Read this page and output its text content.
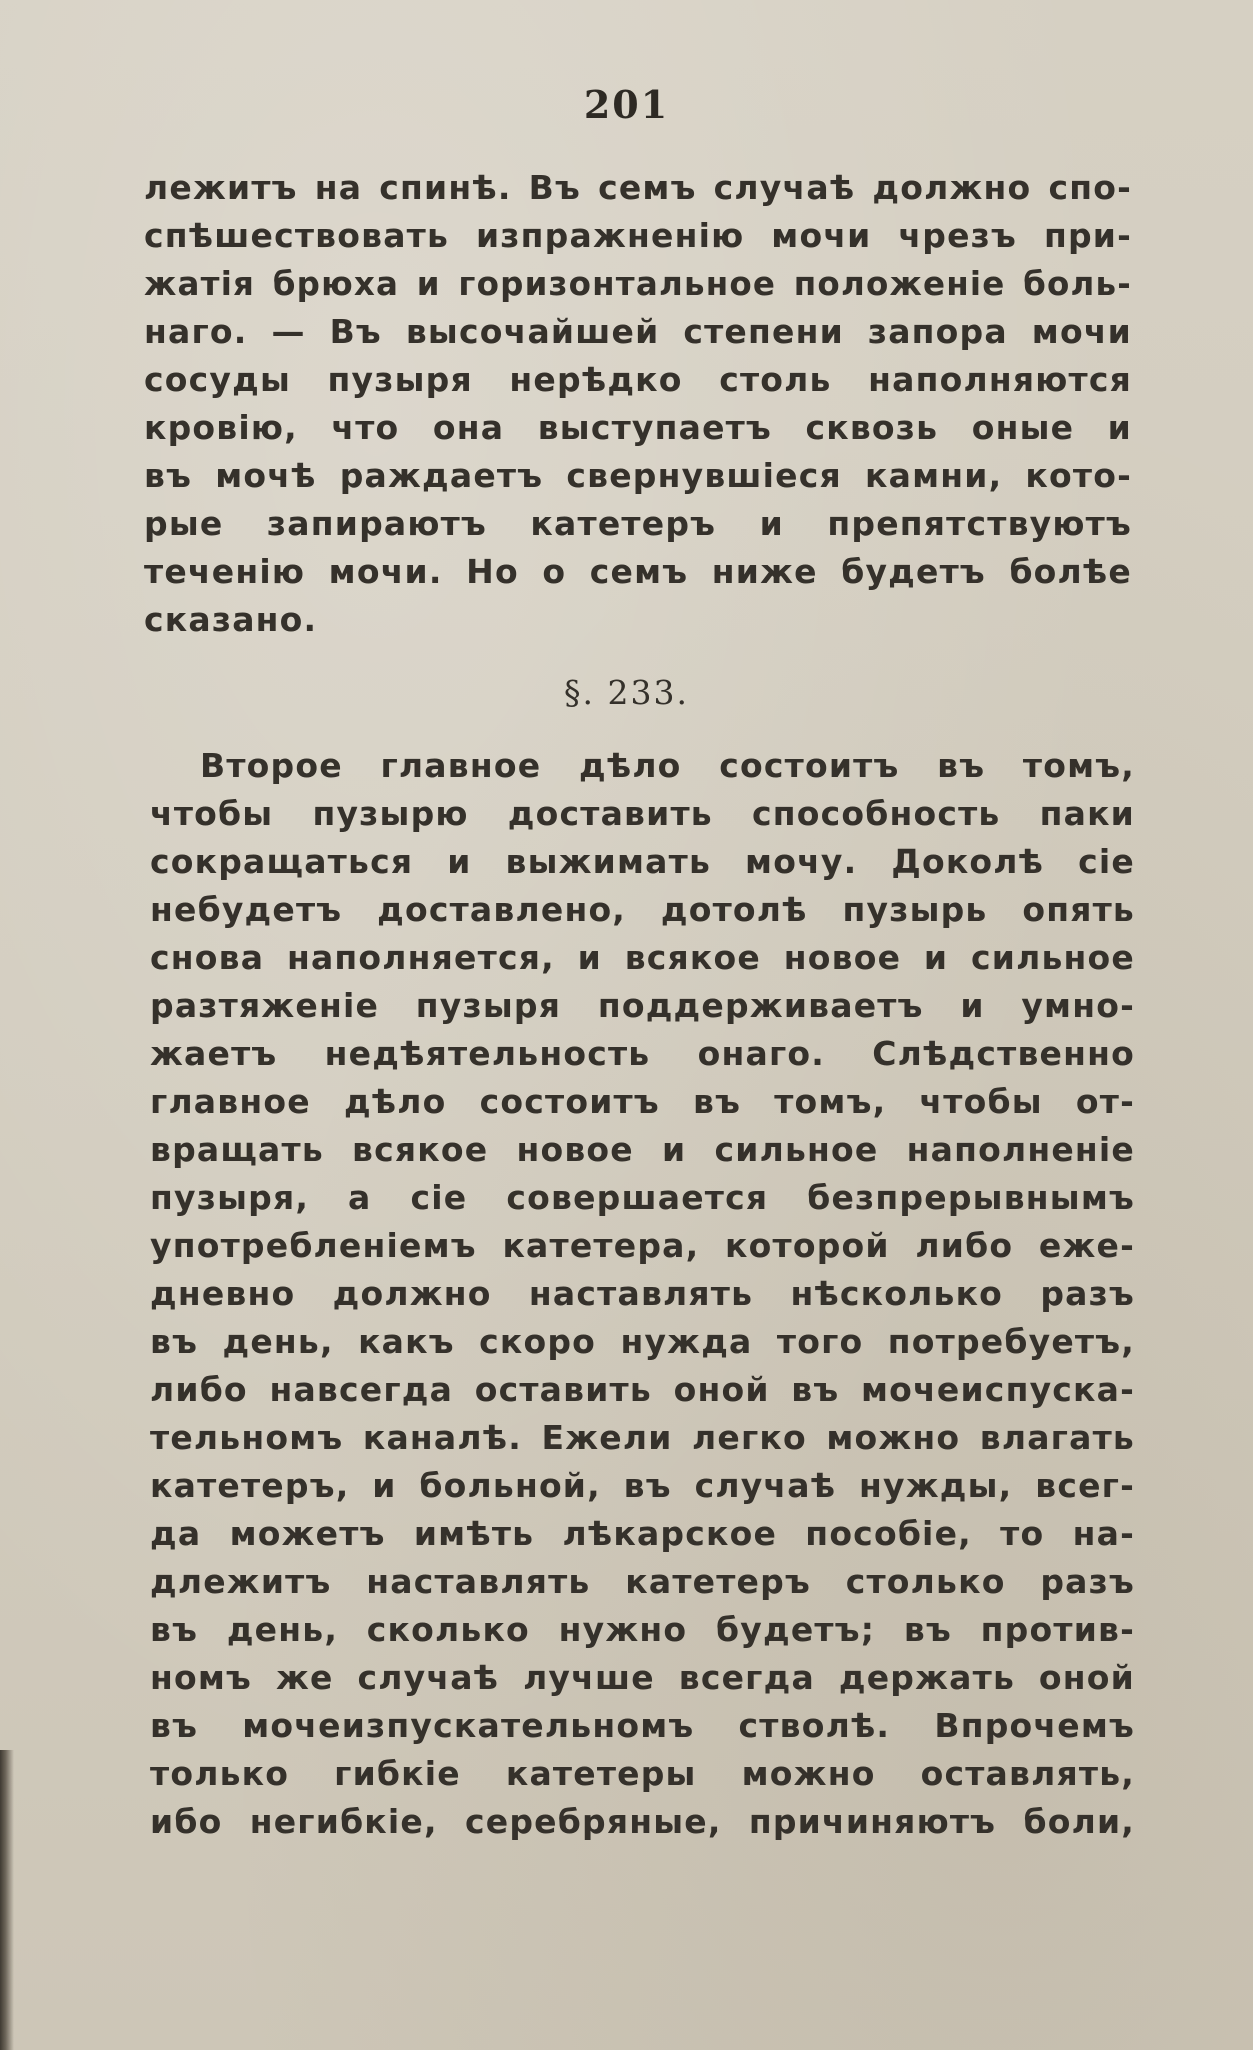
201
лежитъ на спинѣ. Въ семъ случаѣ должно спо-
спѣшествовать изпражненію мочи чрезъ при-
жатія брюха и горизонтальное положеніе боль-
наго. — Въ высочайшей степени запора мочи
сосуды пузыря нерѣдко столь наполняются
кровію, что она выступаетъ сквозь оные и
въ мочѣ раждаетъ свернувшіеся камни, кото-
рые запираютъ катетеръ и препятствуютъ
теченію мочи. Но о семъ ниже будетъ болѣе
сказано.
§. 233.
Второе главное дѣло состоитъ въ томъ,
чтобы пузырю доставить способность паки
сокращаться и выжимать мочу. Доколѣ сіе
небудетъ доставлено, дотолѣ пузырь опять
снова наполняется, и всякое новое и сильное
разтяженіе пузыря поддерживаетъ и умно-
жаетъ недѣятельность онаго. Слѣдственно
главное дѣло состоитъ въ томъ, чтобы от-
вращать всякое новое и сильное наполненіе
пузыря, а сіе совершается безпрерывнымъ
употребленіемъ катетера, которой либо еже-
дневно должно наставлять нѣсколько разъ
въ день, какъ скоро нужда того потребуетъ,
либо навсегда оставить оной въ мочеиспуска-
тельномъ каналѣ. Ежели легко можно влагать
катетеръ, и больной, въ случаѣ нужды, всег-
да можетъ имѣть лѣкарское пособіе, то на-
длежитъ наставлять катетеръ столько разъ
въ день, сколько нужно будетъ; въ против-
номъ же случаѣ лучше всегда держать оной
въ мочеизпускательномъ стволѣ. Впрочемъ
только гибкіе катетеры можно оставлять,
ибо негибкіе, серебряные, причиняютъ боли,
